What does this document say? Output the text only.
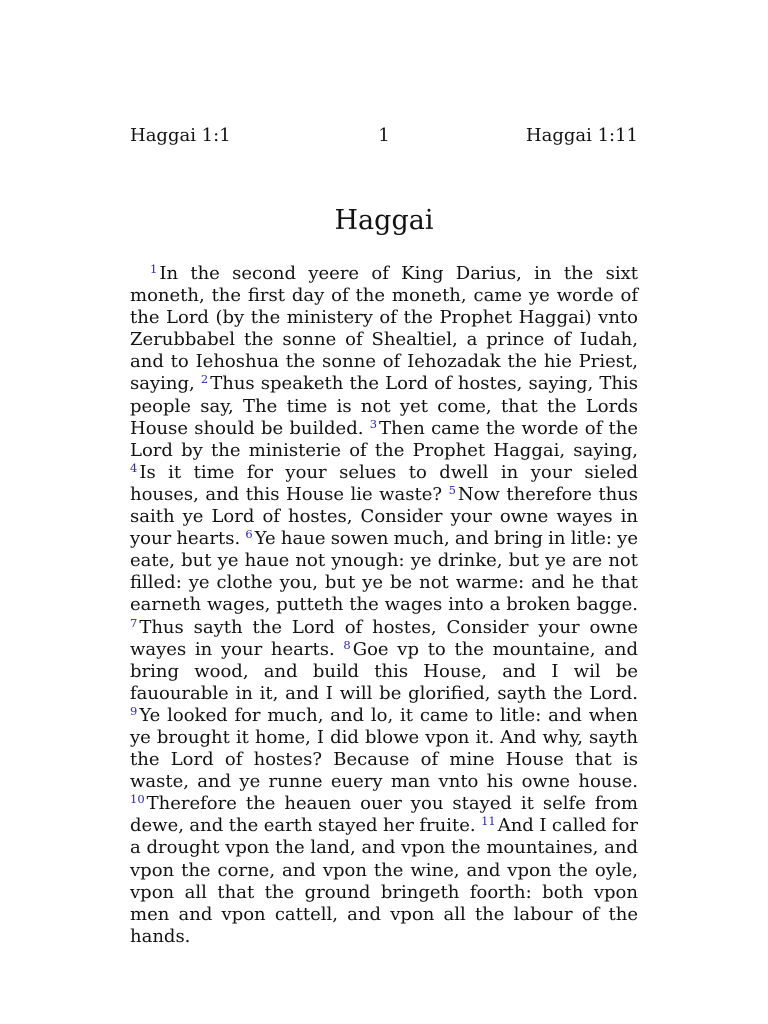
Haggai 1:1	1	Haggai 1:11
Haggai

$^1$ In the second yeere of King Darius, in the sixt moneth, the first day of the moneth, came ye worde of the Lord (by the ministery of the Prophet Haggai) vnto Zerubbabel the sonne of Shealtiel, a prince of Iudah, and to Iehoshua the sonne of Iehozadak the hie Priest, saying, $^2$ Thus speaketh the Lord of hostes, saying, This people say, The time is not yet come, that the Lords House should be builded. $^3$ Then came the worde of the Lord by the ministerie of the Prophet Haggai, saying, $^4$ Is it time for your selues to dwell in your sieled houses, and this House lie waste? $^5$ Now therefore thus saith ye Lord of hostes, Consider your owne wayes in your hearts. $^6$ Ye haue sowen much, and bring in litle: ye eate, but ye haue not ynough: ye drinke, but ye are not filled: ye clothe you, but ye be not warme: and he that earneth wages, putteth the wages into a broken bagge. $^7$ Thus sayth the Lord of hostes, Consider your owne wayes in your hearts. $^8$ Goe vp to the mountaine, and bring wood, and build this House, and I wil be fauourable in it, and I will be glorified, sayth the Lord. $^9$ Ye looked for much, and lo, it came to litle: and when ye brought it home, I did blowe vpon it. And why, sayth the Lord of hostes? Because of mine House that is waste, and ye runne euery man vnto his owne house. $^{10}$ Therefore the heauen ouer you stayed it selfe from dewe, and the earth stayed her fruite. $^{11}$ And I called for a drought vpon the land, and vpon the mountaines, and vpon the corne, and vpon the wine, and vpon the oyle, vpon all that the ground bringeth foorth: both vpon men and vpon cattell, and vpon all the labour of the hands.
